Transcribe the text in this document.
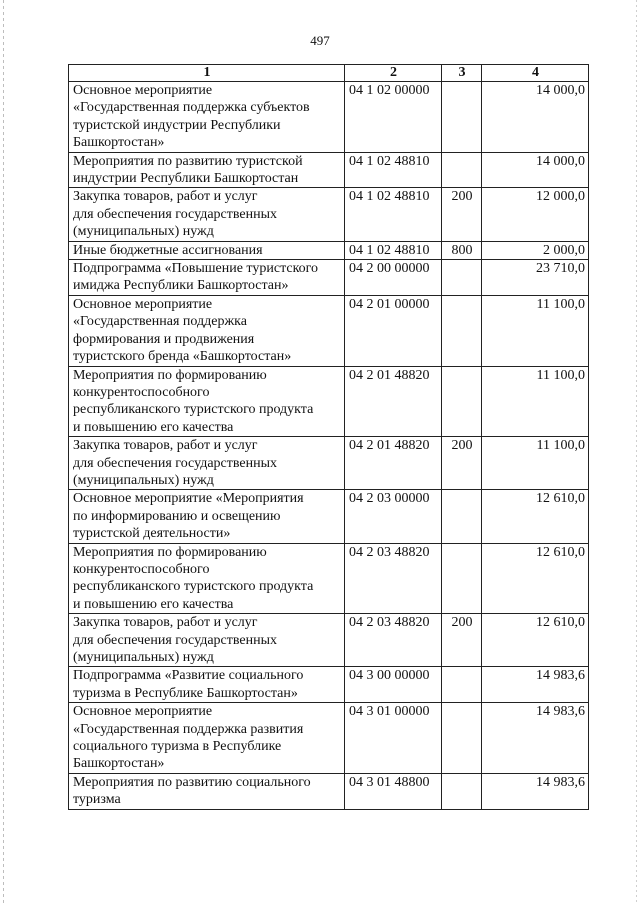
497
1	2	3	4

Основное мероприятие
«Государственная поддержка субъектов
туристской индустрии Республики
Башкортостан»	04 1 02 00000		14 000,0

Мероприятия по развитию туристской
индустрии Республики Башкортостан	04 1 02 48810		14 000,0

Закупка товаров, работ и услуг
для обеспечения государственных
(муниципальных) нужд	04 1 02 48810	200	12 000,0

Иные бюджетные ассигнования	04 1 02 48810	800	2 000,0

Подпрограмма «Повышение туристского
имиджа Республики Башкортостан»	04 2 00 00000		23 710,0

Основное мероприятие
«Государственная поддержка
формирования и продвижения
туристского бренда «Башкортостан»	04 2 01 00000		11 100,0

Мероприятия по формированию
конкурентоспособного
республиканского туристского продукта
и повышению его качества	04 2 01 48820		11 100,0

Закупка товаров, работ и услуг
для обеспечения государственных
(муниципальных) нужд	04 2 01 48820	200	11 100,0

Основное мероприятие «Мероприятия
по информированию и освещению
туристской деятельности»	04 2 03 00000		12 610,0

Мероприятия по формированию
конкурентоспособного
республиканского туристского продукта
и повышению его качества	04 2 03 48820		12 610,0

Закупка товаров, работ и услуг
для обеспечения государственных
(муниципальных) нужд	04 2 03 48820	200	12 610,0

Подпрограмма «Развитие социального
туризма в Республике Башкортостан»	04 3 00 00000		14 983,6

Основное мероприятие
«Государственная поддержка развития
социального туризма в Республике
Башкортостан»	04 3 01 00000		14 983,6

Мероприятия по развитию социального
туризма	04 3 01 48800		14 983,6
